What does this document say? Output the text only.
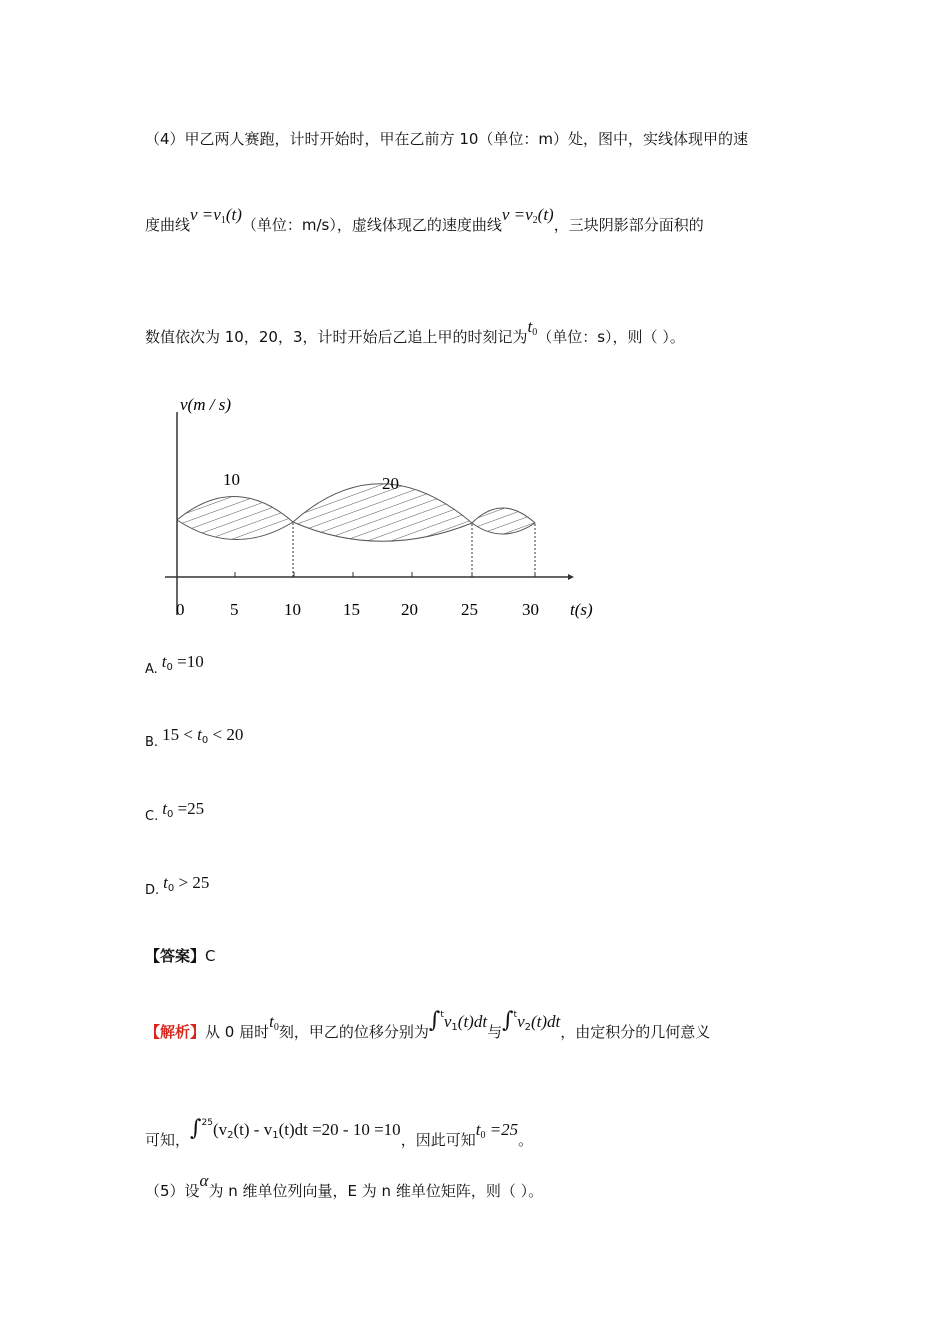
（4）甲乙两人赛跑，计时开始时，甲在乙前方 10（单位：m）处，图中，实线体现甲的速
度曲线$v =v_1(t)$（单位：m/s），虚线体现乙的速度曲线$v =v_2(t)$，三块阴影部分面积的
数值依次为 10，20，3，计时开始后乙追上甲的时刻记为$t_0$（单位：s），则（ ）。
v(m / s)
10	20
0	5	10 15 20	25	30 t(s)
A. $t_0 =10$
B. $15 < t_0 < 20$
C. $t_0 =25$
D. $t_0 > 25$
【答案】C
【解析】从 0 届时$t_0$刻，甲乙的位移分别为$\int^tv_1(t)dt$与$\int^tv_2(t)dt$，由定积分的几何意义
可知，$\int^{25}(v_2(t) - v_1(t)dt =20 - 10 =10$，因此可知$t_0 =25$。
（5）设α为 n 维单位列向量，E 为 n 维单位矩阵，则（ ）。
